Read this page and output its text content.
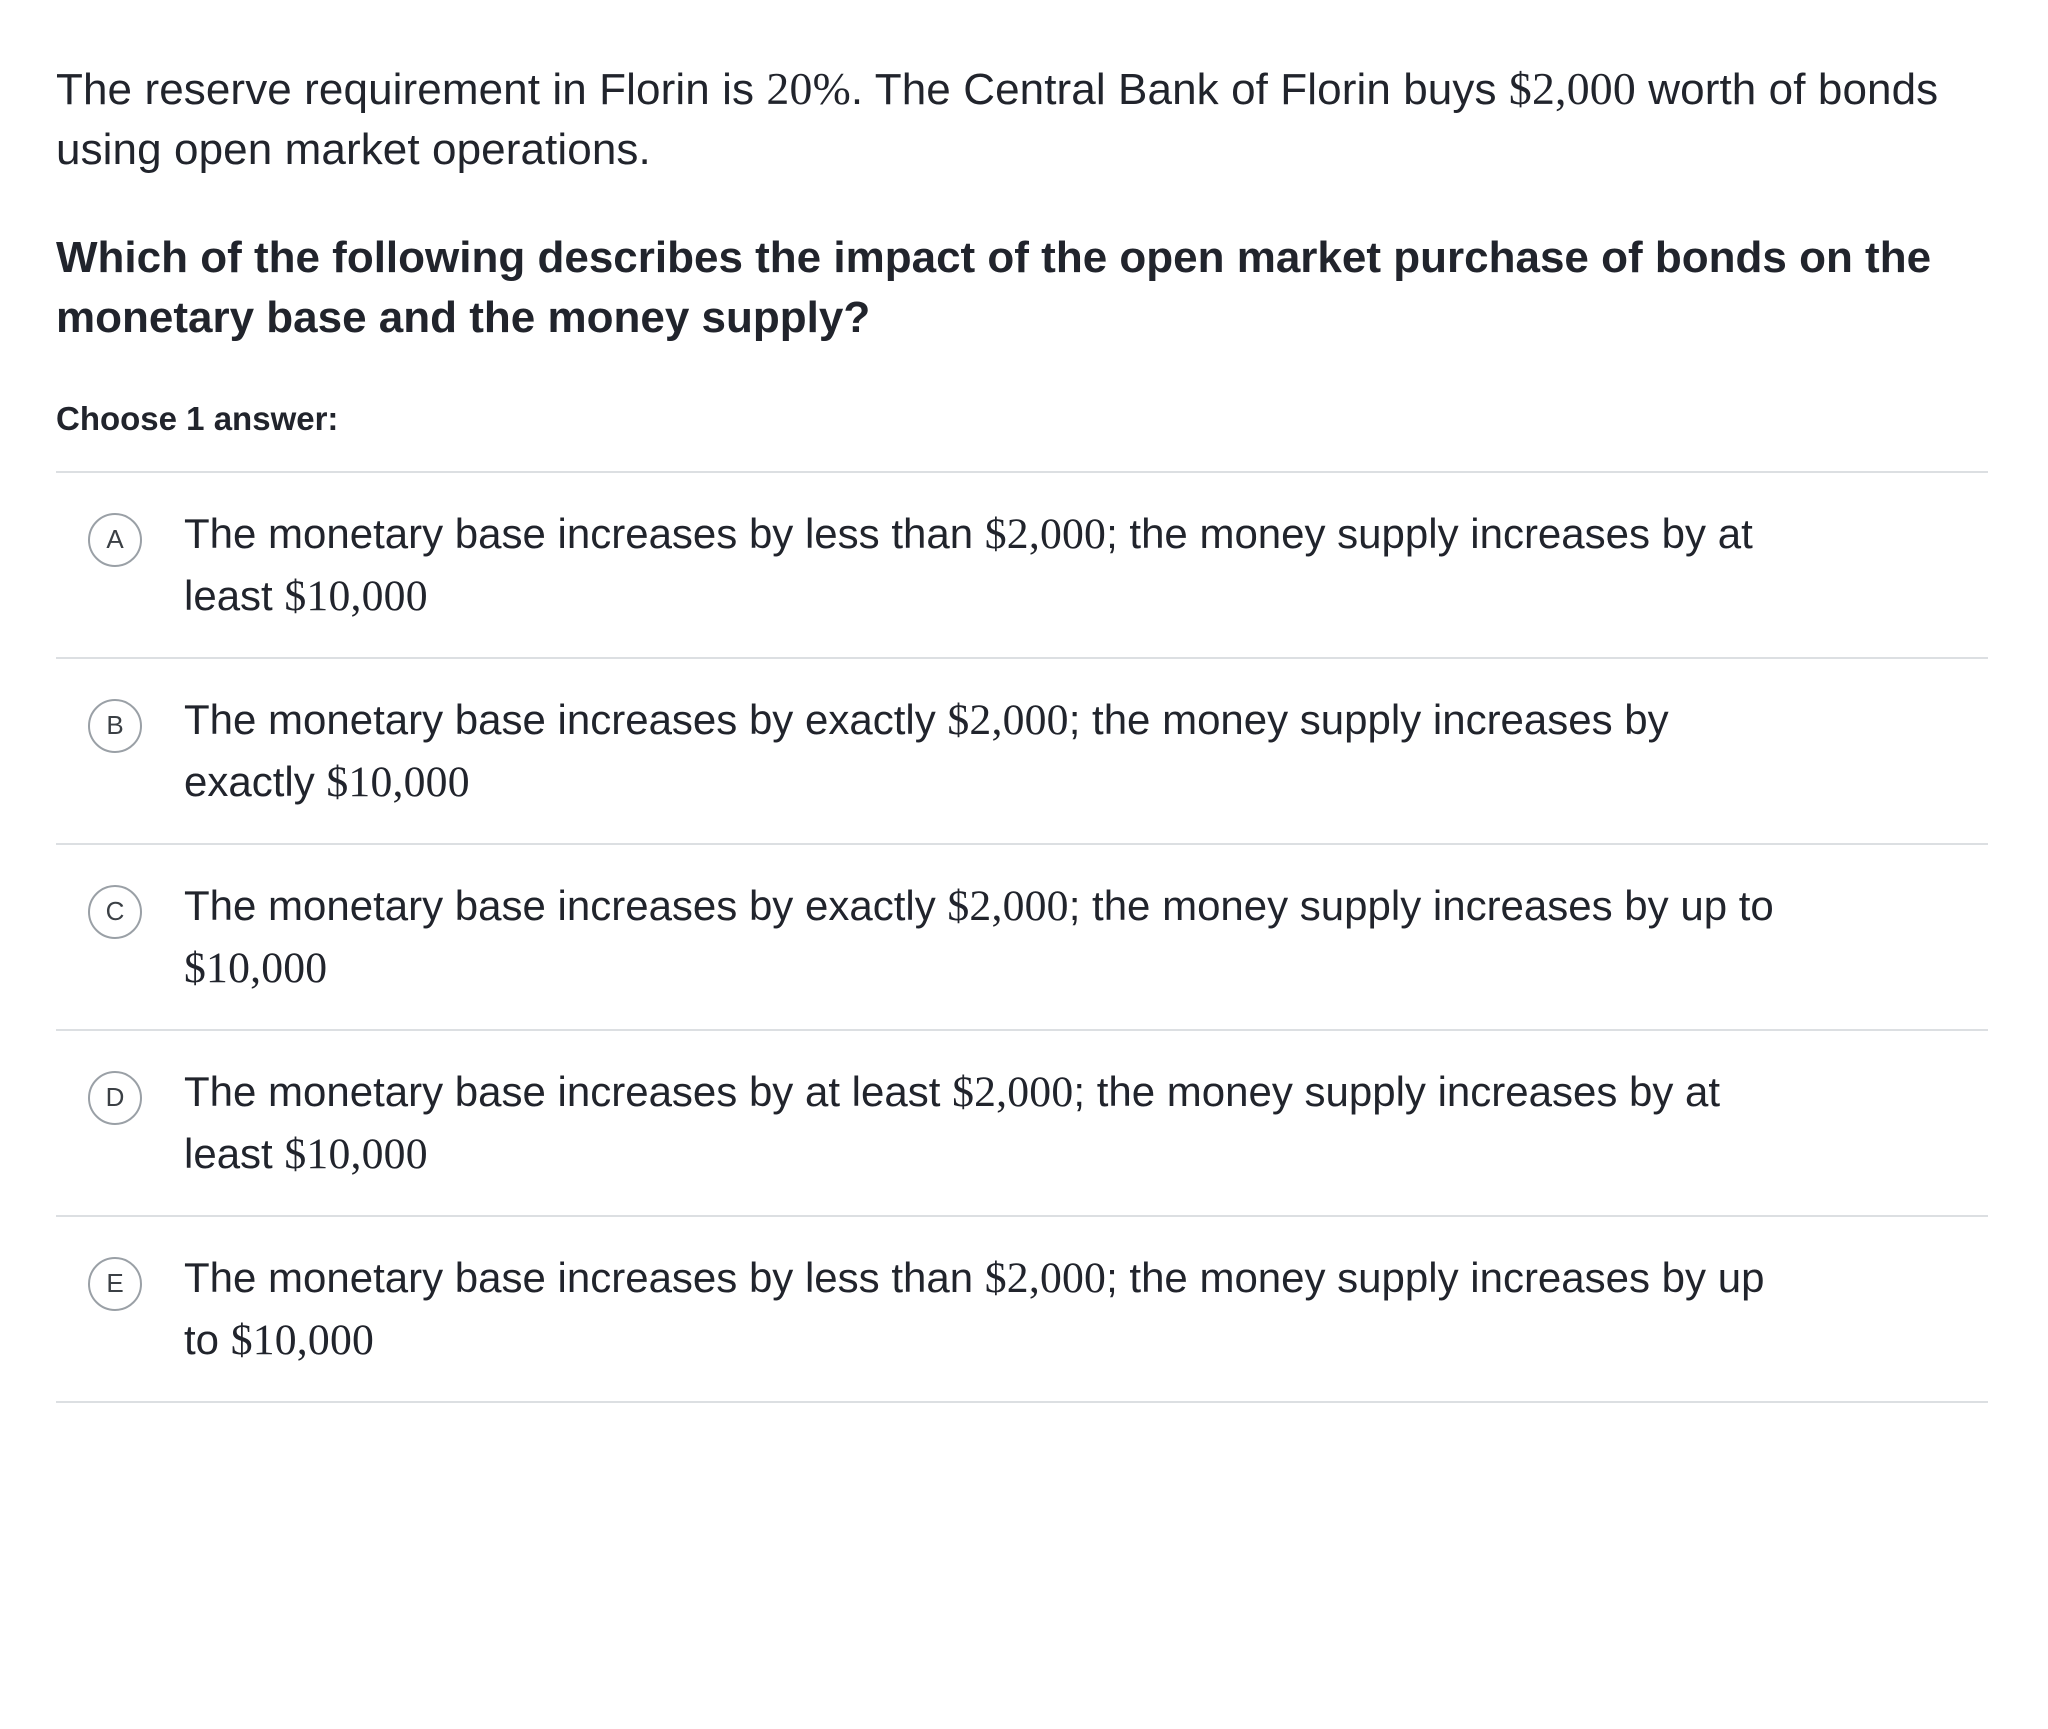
The reserve requirement in Florin is 20%. The Central Bank of Florin buys $2,000 worth of bonds using open market operations.

Which of the following describes the impact of the open market purchase of bonds on the monetary base and the money supply?

Choose 1 answer:

A	The monetary base increases by less than $2,000; the money supply increases by at least $10,000
B	The monetary base increases by exactly $2,000; the money supply increases by exactly $10,000
C	The monetary base increases by exactly $2,000; the money supply increases by up to $10,000
D	The monetary base increases by at least $2,000; the money supply increases by at least $10,000
E	The monetary base increases by less than $2,000; the money supply increases by up to $10,000
